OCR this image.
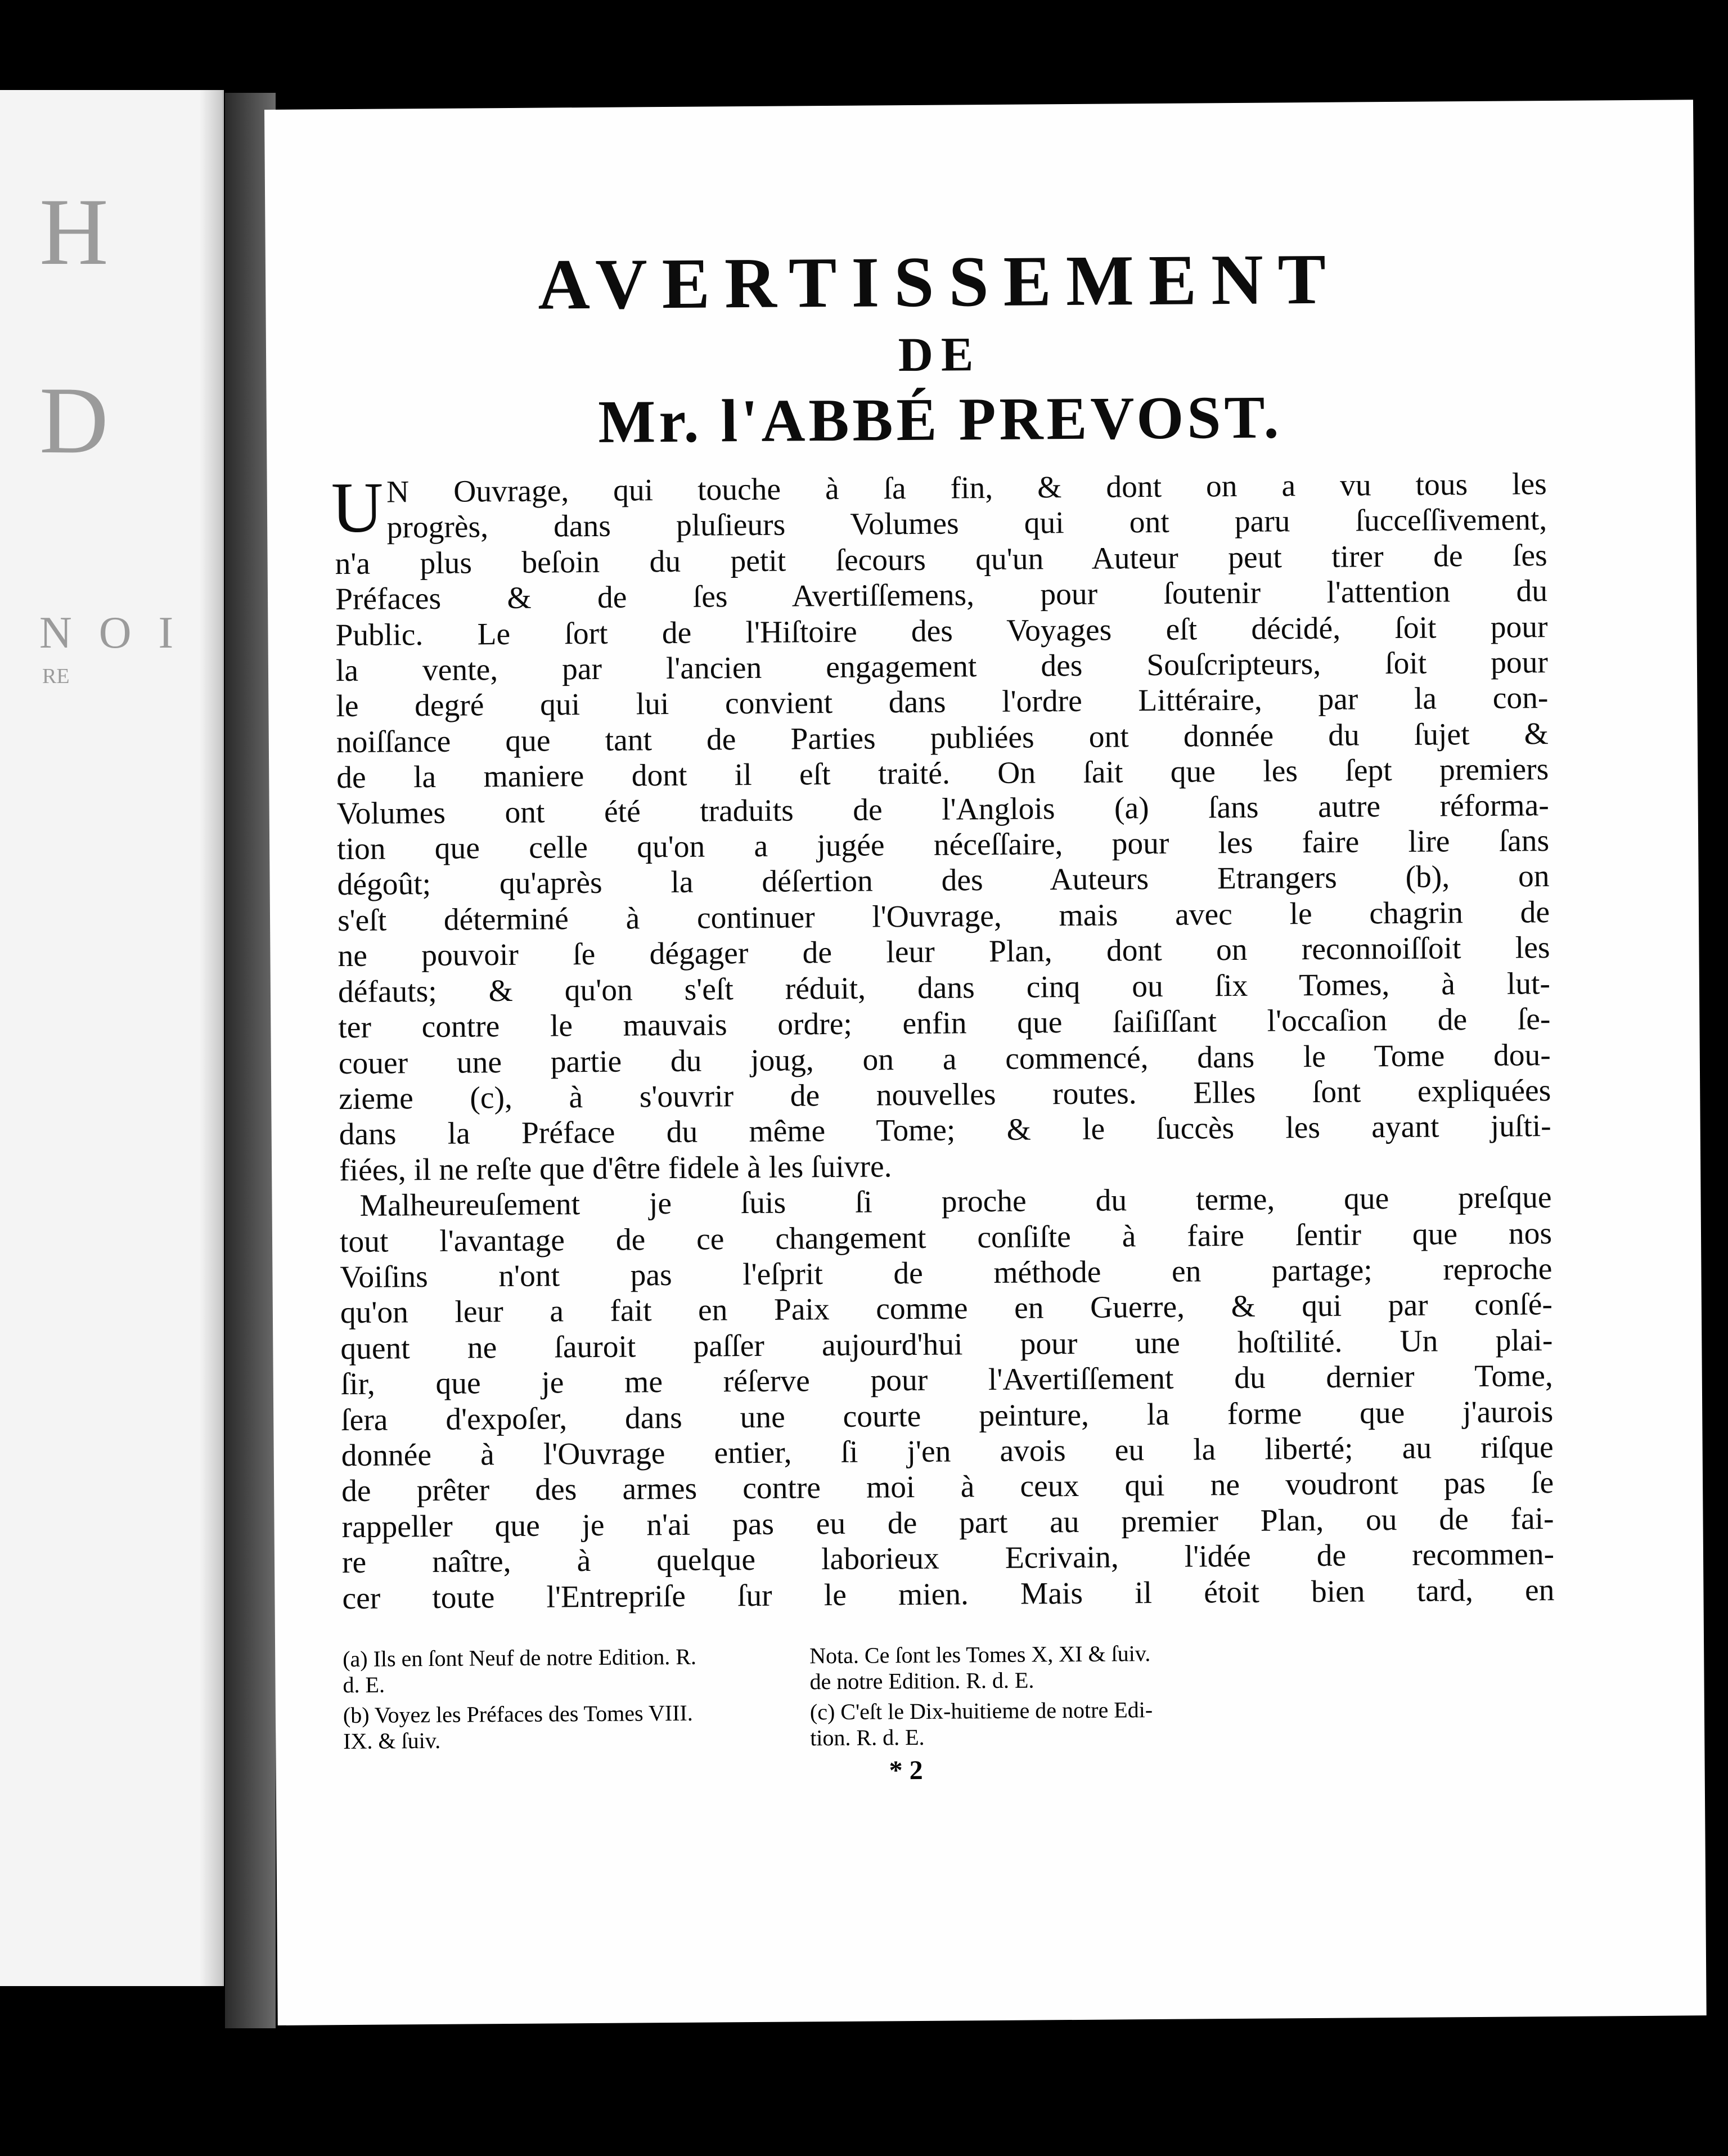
H
D
N O I
RE
AVERTISSEMENT
DE
Mr. l'ABBÉ PREVOST.
U N Ouvrage, qui touche à ſa fin, & dont on a vu tous les
progrès, dans pluſieurs Volumes qui ont paru ſucceſſivement,
n'a plus beſoin du petit ſecours qu'un Auteur peut tirer de ſes
Préfaces & de ſes Avertiſſemens, pour ſoutenir l'attention du
Public. Le ſort de l'Hiſtoire des Voyages eſt décidé, ſoit pour
la vente, par l'ancien engagement des Souſcripteurs, ſoit pour
le degré qui lui convient dans l'ordre Littéraire, par la con-
noiſſance que tant de Parties publiées ont donnée du ſujet &
de la maniere dont il eſt traité. On ſait que les ſept premiers
Volumes ont été traduits de l'Anglois (a) ſans autre réforma-
tion que celle qu'on a jugée néceſſaire, pour les faire lire ſans
dégoût; qu'après la déſertion des Auteurs Etrangers (b), on
s'eſt déterminé à continuer l'Ouvrage, mais avec le chagrin de
ne pouvoir ſe dégager de leur Plan, dont on reconnoiſſoit les
défauts; & qu'on s'eſt réduit, dans cinq ou ſix Tomes, à lut-
ter contre le mauvais ordre; enfin que ſaiſiſſant l'occaſion de ſe-
couer une partie du joug, on a commencé, dans le Tome dou-
zieme (c), à s'ouvrir de nouvelles routes. Elles ſont expliquées
dans la Préface du même Tome; & le ſuccès les ayant juſti-
fiées, il ne reſte que d'être fidele à les ſuivre.
Malheureuſement je ſuis ſi proche du terme, que preſque
tout l'avantage de ce changement conſiſte à faire ſentir que nos
Voiſins n'ont pas l'eſprit de méthode en partage; reproche
qu'on leur a fait en Paix comme en Guerre, & qui par conſé-
quent ne ſauroit paſſer aujourd'hui pour une hoſtilité. Un plai-
ſir, que je me réſerve pour l'Avertiſſement du dernier Tome,
ſera d'expoſer, dans une courte peinture, la forme que j'aurois
donnée à l'Ouvrage entier, ſi j'en avois eu la liberté; au riſque
de prêter des armes contre moi à ceux qui ne voudront pas ſe
rappeller que je n'ai pas eu de part au premier Plan, ou de fai-
re naître, à quelque laborieux Ecrivain, l'idée de recommen-
cer toute l'Entrepriſe ſur le mien. Mais il étoit bien tard, en
(a) Ils en ſont Neuf de notre Edition. R.
d. E.
(b) Voyez les Préfaces des Tomes VIII.
IX. & ſuiv.
Nota. Ce ſont les Tomes X, XI & ſuiv.
de notre Edition. R. d. E.
(c) C'eſt le Dix-huitieme de notre Edi-
tion. R. d. E.
* 2
